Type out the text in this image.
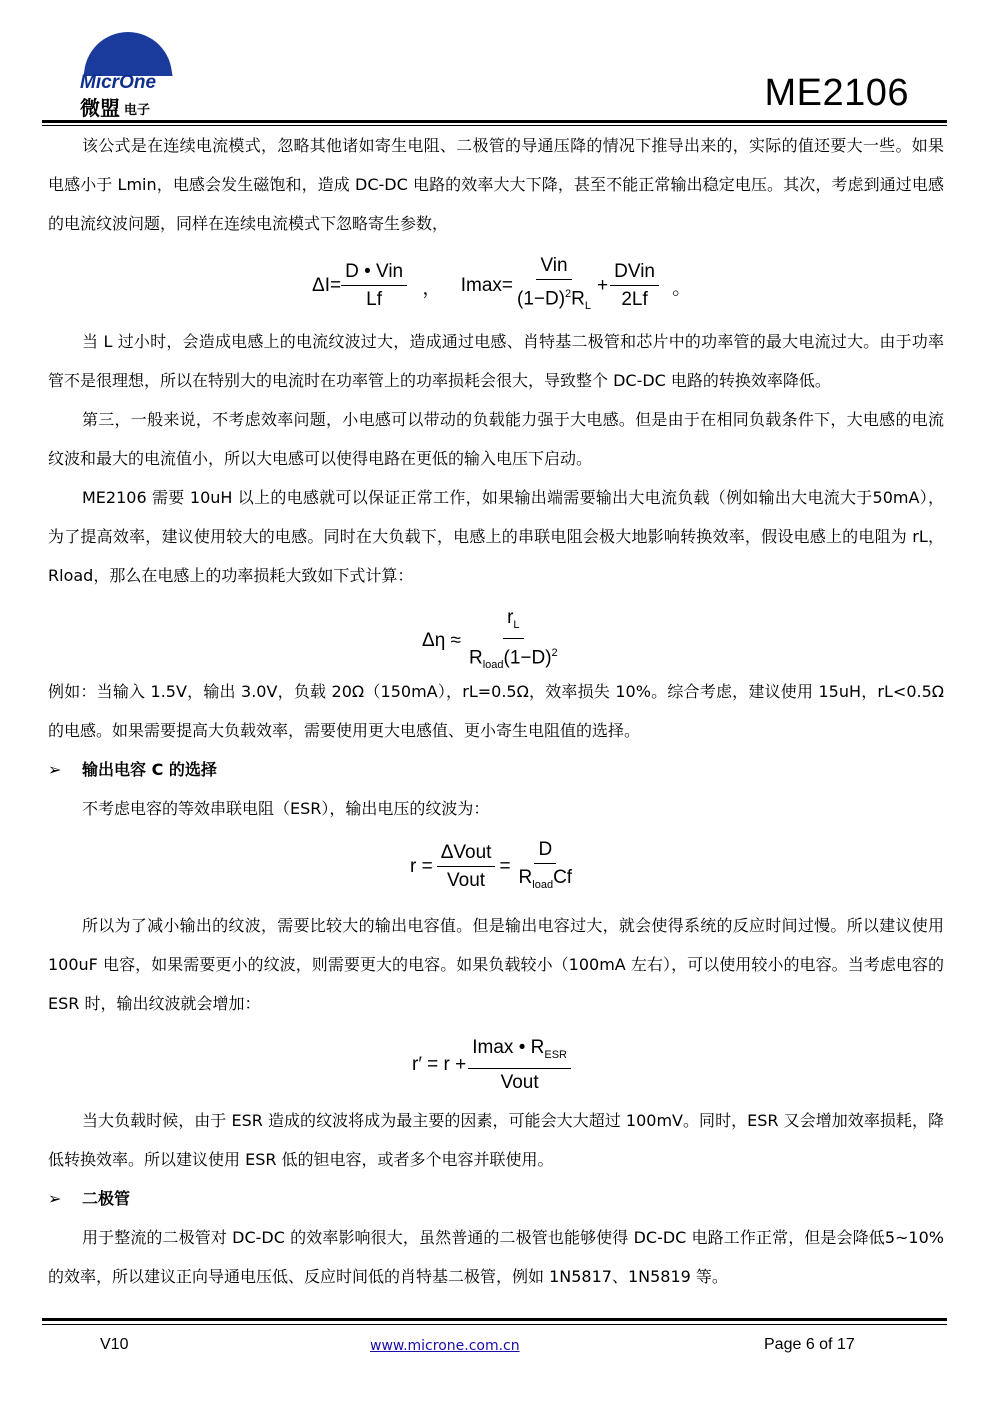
MicrOne
微盟 电子	ME2106

该公式是在连续电流模式，忽略其他诸如寄生电阻、二极管的导通压降的情况下推导出来的，实际的值还要大一些。如果电感小于 Lmin，电感会发生磁饱和，造成 DC-DC 电路的效率大大下降，甚至不能正常输出稳定电压。其次，考虑到通过电感的电流纹波问题，同样在连续电流模式下忽略寄生参数，

$\Delta I= \frac{\text{D • Vin}}{Lf}$ ， $Imax= \frac{\text{Vin}}{(1-D)^2R_L} + \frac{\text{DVin}}{2Lf}$ 。

当 L 过小时，会造成电感上的电流纹波过大，造成通过电感、肖特基二极管和芯片中的功率管的最大电流过大。由于功率管不是很理想，所以在特别大的电流时在功率管上的功率损耗会很大，导致整个 DC-DC 电路的转换效率降低。

第三，一般来说，不考虑效率问题，小电感可以带动的负载能力强于大电感。但是由于在相同负载条件下，大电感的电流纹波和最大的电流值小，所以大电感可以使得电路在更低的输入电压下启动。

ME2106 需要 10uH 以上的电感就可以保证正常工作，如果输出端需要输出大电流负载（例如输出大电流大于50mA），为了提高效率，建议使用较大的电感。同时在大负载下，电感上的串联电阻会极大地影响转换效率，假设电感上的电阻为 rL，Rload，那么在电感上的功率损耗大致如下式计算：

$\Delta\eta \approx \frac{r_L}{R_{load}(1-D)^2}$

例如：当输入 1.5V，输出 3.0V，负载 20Ω（150mA），rL=0.5Ω，效率损失 10%。综合考虑，建议使用 15uH，rL<0.5Ω 的电感。如果需要提高大负载效率，需要使用更大电感值、更小寄生电阻值的选择。

➢ 输出电容 C 的选择

不考虑电容的等效串联电阻（ESR），输出电压的纹波为：

$r = \frac{\text{ΔVout}}{\text{Vout}} = \frac{D}{R_{load}Cf}$

所以为了减小输出的纹波，需要比较大的输出电容值。但是输出电容过大，就会使得系统的反应时间过慢。所以建议使用 100uF 电容，如果需要更小的纹波，则需要更大的电容。如果负载较小（100mA 左右），可以使用较小的电容。当考虑电容的 ESR 时，输出纹波就会增加：

$r' = r + \frac{Imax • R_{ESR}}{\text{Vout}}$

当大负载时候，由于 ESR 造成的纹波将成为最主要的因素，可能会大大超过 100mV。同时，ESR 又会增加效率损耗，降低转换效率。所以建议使用 ESR 低的钽电容，或者多个电容并联使用。

➢ 二极管

用于整流的二极管对 DC-DC 的效率影响很大，虽然普通的二极管也能够使得 DC-DC 电路工作正常，但是会降低5~10%的效率，所以建议正向导通电压低、反应时间低的肖特基二极管，例如 1N5817、1N5819 等。

V10	www.microne.com.cn	Page 6 of 17
